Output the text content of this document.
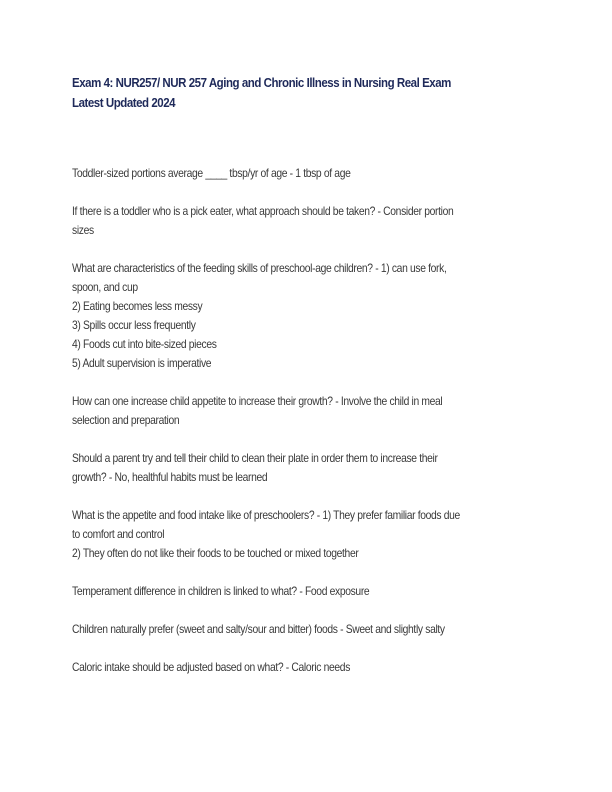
Exam 4: NUR257/ NUR 257 Aging and Chronic Illness in Nursing Real Exam
Latest Updated 2024
Toddler-sized portions average ____ tbsp/yr of age - 1 tbsp of age
If there is a toddler who is a pick eater, what approach should be taken? - Consider portion
sizes
What are characteristics of the feeding skills of preschool-age children? - 1) can use fork,
spoon, and cup
2) Eating becomes less messy
3) Spills occur less frequently
4) Foods cut into bite-sized pieces
5) Adult supervision is imperative
How can one increase child appetite to increase their growth? - Involve the child in meal
selection and preparation
Should a parent try and tell their child to clean their plate in order them to increase their
growth? - No, healthful habits must be learned
What is the appetite and food intake like of preschoolers? - 1) They prefer familiar foods due
to comfort and control
2) They often do not like their foods to be touched or mixed together
Temperament difference in children is linked to what? - Food exposure
Children naturally prefer (sweet and salty/sour and bitter) foods - Sweet and slightly salty
Caloric intake should be adjusted based on what? - Caloric needs
